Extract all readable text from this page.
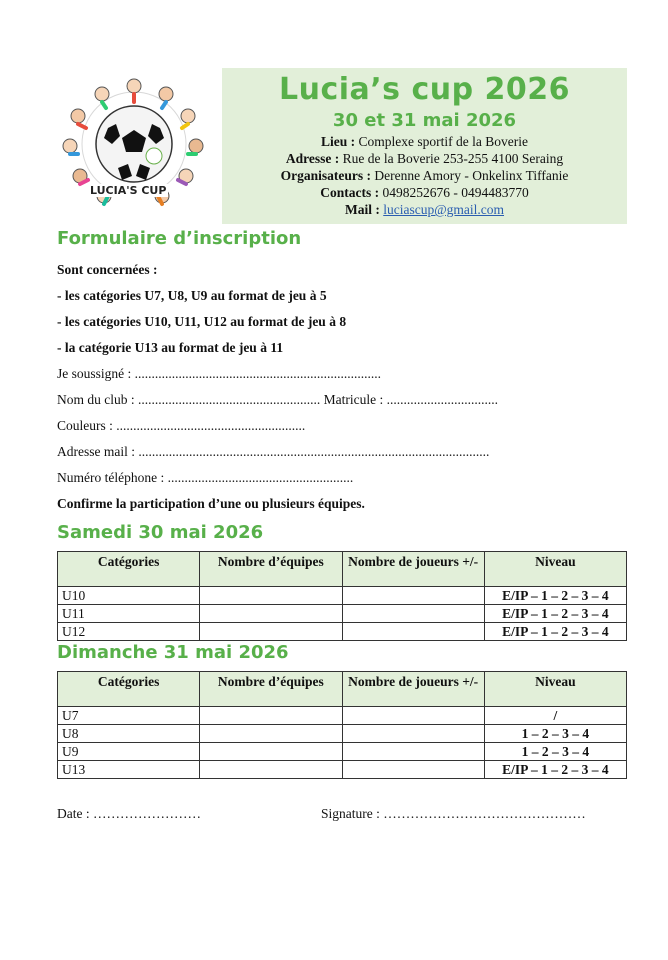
LUCIA'S CUP
Lucia’s cup 2026
30 et 31 mai 2026
Lieu : Complexe sportif de la Boverie
Adresse : Rue de la Boverie 253-255 4100 Seraing
Organisateurs : Derenne Amory - Onkelinx Tiffanie
Contacts : 0498252676 - 0494483770
Mail : luciascup@gmail.com
Formulaire d’inscription
Sont concernées :
- les catégories U7, U8, U9 au format de jeu à 5
- les catégories U10, U11, U12 au format de jeu à 8
- la catégorie U13 au format de jeu à 11
Je soussigné : .........................................................................
Nom du club : ...................................................... Matricule : .................................
Couleurs : ........................................................
Adresse mail : ........................................................................................................
Numéro téléphone : .......................................................
Confirme la participation d’une ou plusieurs équipes.
Samedi 30 mai 2026
Catégories	Nombre d’équipes	Nombre de joueurs +/-	Niveau
U10			E/IP – 1 – 2 – 3 – 4
U11			E/IP – 1 – 2 – 3 – 4
U12			E/IP – 1 – 2 – 3 – 4
Dimanche 31 mai 2026
Catégories	Nombre d’équipes	Nombre de joueurs +/-	Niveau
U7			/
U8			1 – 2 – 3 – 4
U9			1 – 2 – 3 – 4
U13			E/IP – 1 – 2 – 3 – 4
Date : ……………………	Signature : ………………………………………
